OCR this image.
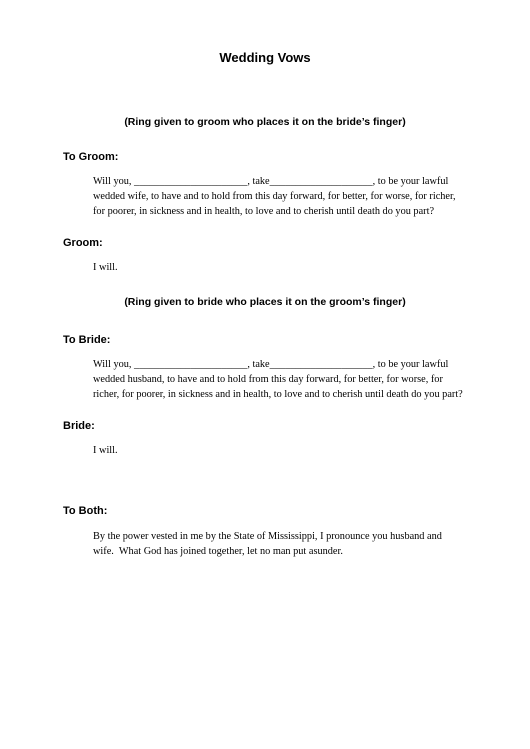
Wedding Vows
(Ring given to groom who places it on the bride’s finger)
To Groom:
Will you, ______________________, take____________________, to be your lawful
wedded wife, to have and to hold from this day forward, for better, for worse, for richer,
for poorer, in sickness and in health, to love and to cherish until death do you part?
Groom:
I will.
(Ring given to bride who places it on the groom’s finger)
To Bride:
Will you, ______________________, take____________________, to be your lawful
wedded husband, to have and to hold from this day forward, for better, for worse, for
richer, for poorer, in sickness and in health, to love and to cherish until death do you part?
Bride:
I will.
To Both:
By the power vested in me by the State of Mississippi, I pronounce you husband and
wife.  What God has joined together, let no man put asunder.
